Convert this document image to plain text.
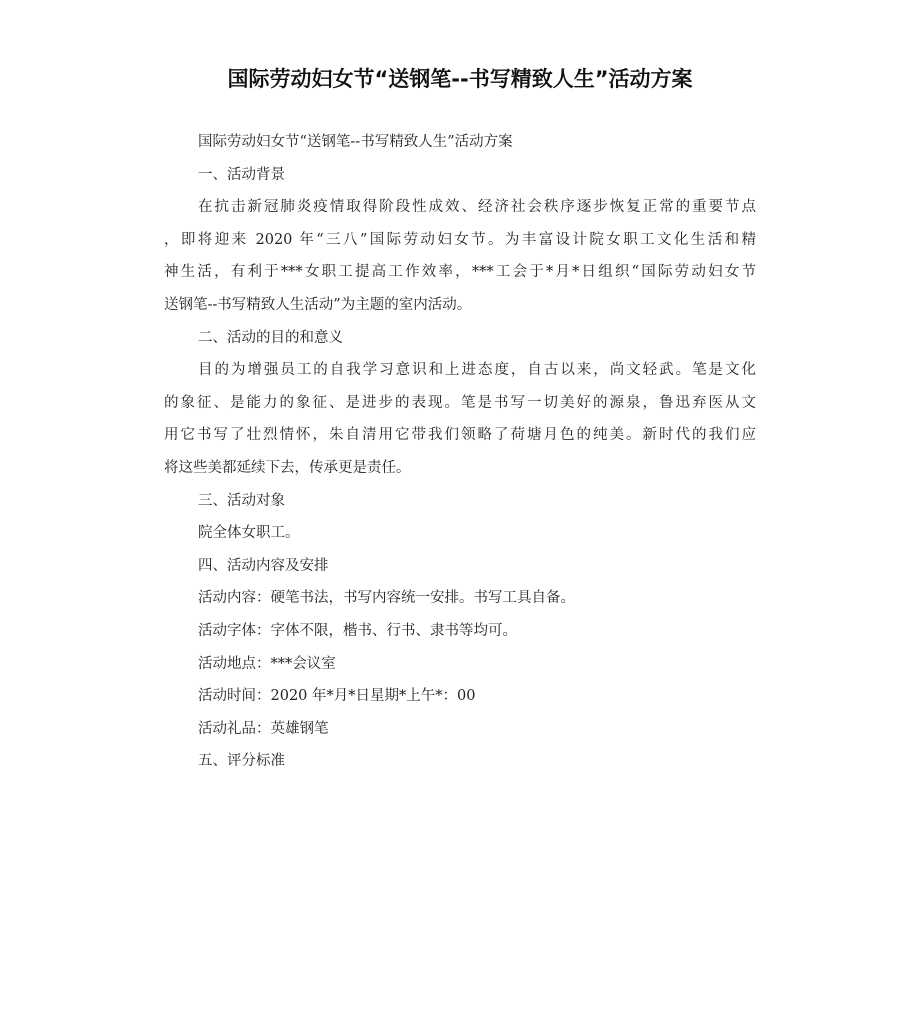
国际劳动妇女节“送钢笔--书写精致人生”活动方案
国际劳动妇女节“送钢笔--书写精致人生”活动方案
一、活动背景
在抗击新冠肺炎疫情取得阶段性成效、经济社会秩序逐步恢复正常的重要节点
，即将迎来 2020 年“三八”国际劳动妇女节。为丰富设计院女职工文化生活和精
神生活，有利于***女职工提高工作效率，***工会于*月*日组织“国际劳动妇女节
送钢笔--书写精致人生活动”为主题的室内活动。
二、活动的目的和意义
目的为增强员工的自我学习意识和上进态度，自古以来，尚文轻武。笔是文化
的象征、是能力的象征、是进步的表现。笔是书写一切美好的源泉，鲁迅弃医从文
用它书写了壮烈情怀，朱自清用它带我们领略了荷塘月色的纯美。新时代的我们应
将这些美都延续下去，传承更是责任。
三、活动对象
院全体女职工。
四、活动内容及安排
活动内容：硬笔书法，书写内容统一安排。书写工具自备。
活动字体：字体不限，楷书、行书、隶书等均可。
活动地点：***会议室
活动时间：2020 年*月*日星期*上午*：00
活动礼品：英雄钢笔
五、评分标准
